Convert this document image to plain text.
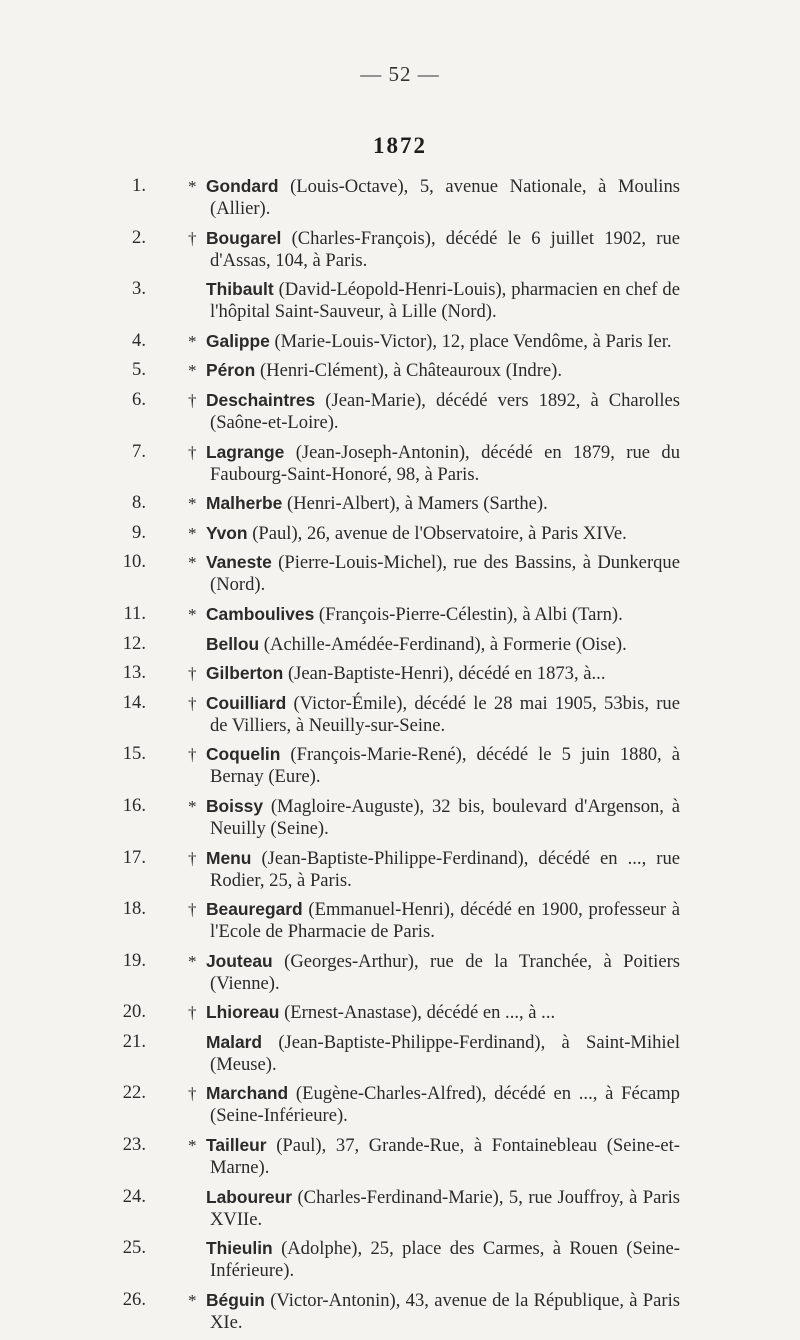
— 52 —
1872
1. * Gondard (Louis-Octave), 5, avenue Nationale, à Moulins (Allier).
2. † Bougarel (Charles-François), décédé le 6 juillet 1902, rue d'Assas, 104, à Paris.
3.	Thibault (David-Léopold-Henri-Louis), pharmacien en chef de l'hôpital Saint-Sauveur, à Lille (Nord).
4. * Galippe (Marie-Louis-Victor), 12, place Vendôme, à Paris Ier.
5. * Péron (Henri-Clément), à Châteauroux (Indre).
6. † Deschaintres (Jean-Marie), décédé vers 1892, à Charolles (Saône-et-Loire).
7. † Lagrange (Jean-Joseph-Antonin), décédé en 1879, rue du Faubourg-Saint-Honoré, 98, à Paris.
8. * Malherbe (Henri-Albert), à Mamers (Sarthe).
9. * Yvon (Paul), 26, avenue de l'Observatoire, à Paris XIVe.
10. * Vaneste (Pierre-Louis-Michel), rue des Bassins, à Dunkerque (Nord).
11. * Camboulives (François-Pierre-Célestin), à Albi (Tarn).
12.	Bellou (Achille-Amédée-Ferdinand), à Formerie (Oise).
13. † Gilberton (Jean-Baptiste-Henri), décédé en 1873, à...
14. † Couilliard (Victor-Émile), décédé le 28 mai 1905, 53bis, rue de Villiers, à Neuilly-sur-Seine.
15. † Coquelin (François-Marie-René), décédé le 5 juin 1880, à Bernay (Eure).
16. * Boissy (Magloire-Auguste), 32 bis, boulevard d'Argenson, à Neuilly (Seine).
17. † Menu (Jean-Baptiste-Philippe-Ferdinand), décédé en ..., rue Rodier, 25, à Paris.
18. † Beauregard (Emmanuel-Henri), décédé en 1900, professeur à l'Ecole de Pharmacie de Paris.
19. * Jouteau (Georges-Arthur), rue de la Tranchée, à Poitiers (Vienne).
20. † Lhioreau (Ernest-Anastase), décédé en ..., à ...
21.	Malard (Jean-Baptiste-Philippe-Ferdinand), à Saint-Mihiel (Meuse).
22. † Marchand (Eugène-Charles-Alfred), décédé en ..., à Fécamp (Seine-Inférieure).
23. * Tailleur (Paul), 37, Grande-Rue, à Fontainebleau (Seine-et-Marne).
24.	Laboureur (Charles-Ferdinand-Marie), 5, rue Jouffroy, à Paris XVIIe.
25.	Thieulin (Adolphe), 25, place des Carmes, à Rouen (Seine-Inférieure).
26. * Béguin (Victor-Antonin), 43, avenue de la République, à Paris XIe.
